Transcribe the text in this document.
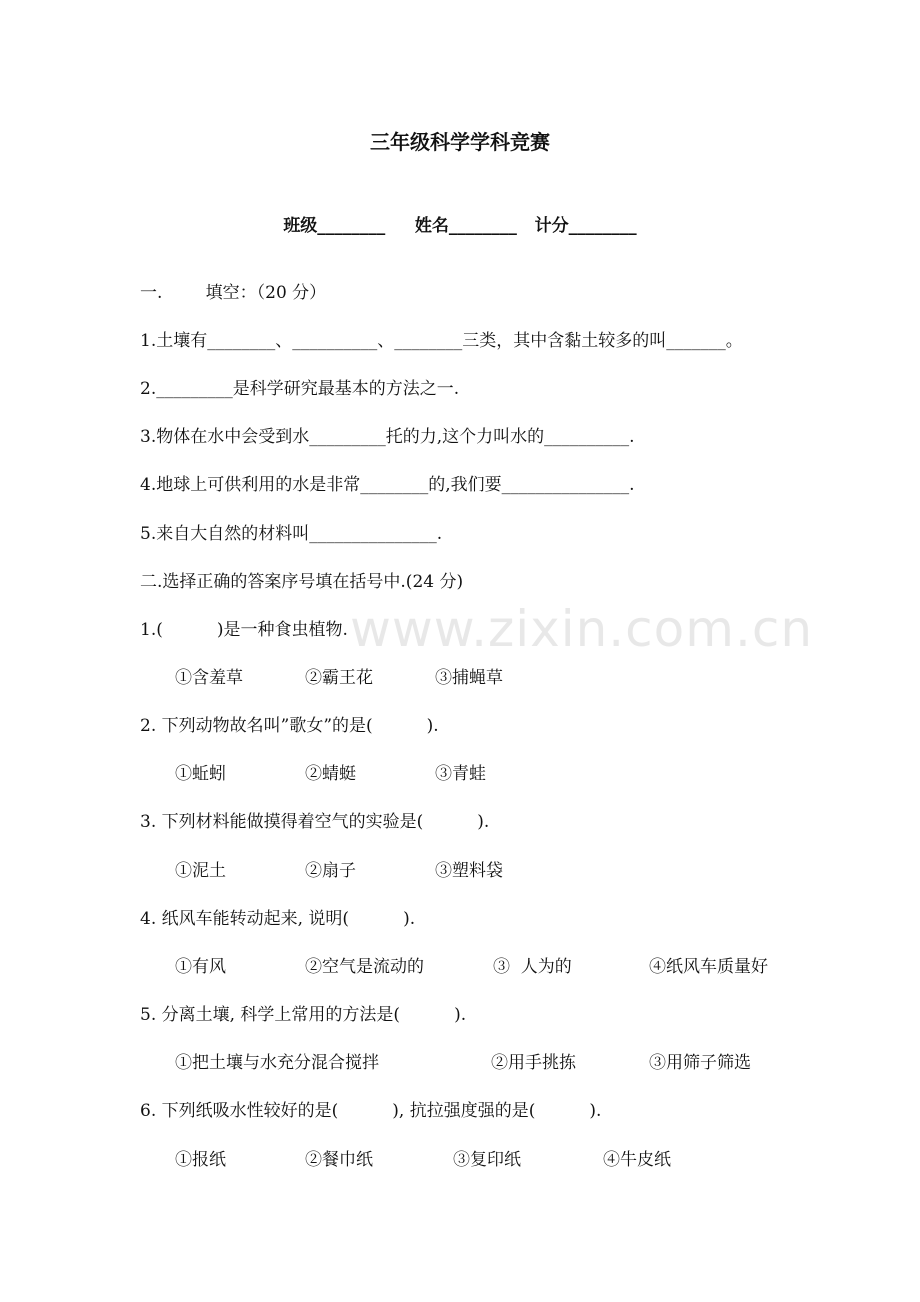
三年级科学学科竞赛
班级________     姓名________   计分________
一.        填空：（20 分）
1.土壤有________、__________、________三类，其中含黏土较多的叫_______。
2._________是科学研究最基本的方法之一.
3.物体在水中会受到水_________托的力,这个力叫水的__________.
4.地球上可供利用的水是非常________的,我们要_______________.
5.来自大自然的材料叫_______________.
二.选择正确的答案序号填在括号中.(24 分)
1.(          )是一种食虫植物.

①含羞草

	②霸王花

	③捕蝇草

2. 下列动物故名叫”歌女”的是(          ).

①蚯蚓

	②蜻蜓

	③青蛙

3. 下列材料能做摸得着空气的实验是(          ).

①泥土

	②扇子

	③塑料袋

4. 纸风车能转动起来, 说明(          ).

①有风

	②空气是流动的

	③  人为的

	④纸风车质量好

5. 分离土壤, 科学上常用的方法是(          ).

①把土壤与水充分混合搅拌

	②用手挑拣

	③用筛子筛选

6. 下列纸吸水性较好的是(          ), 抗拉强度强的是(          ).

①报纸

	②餐巾纸

	③复印纸

	④牛皮纸

www.zixin.com.cn
